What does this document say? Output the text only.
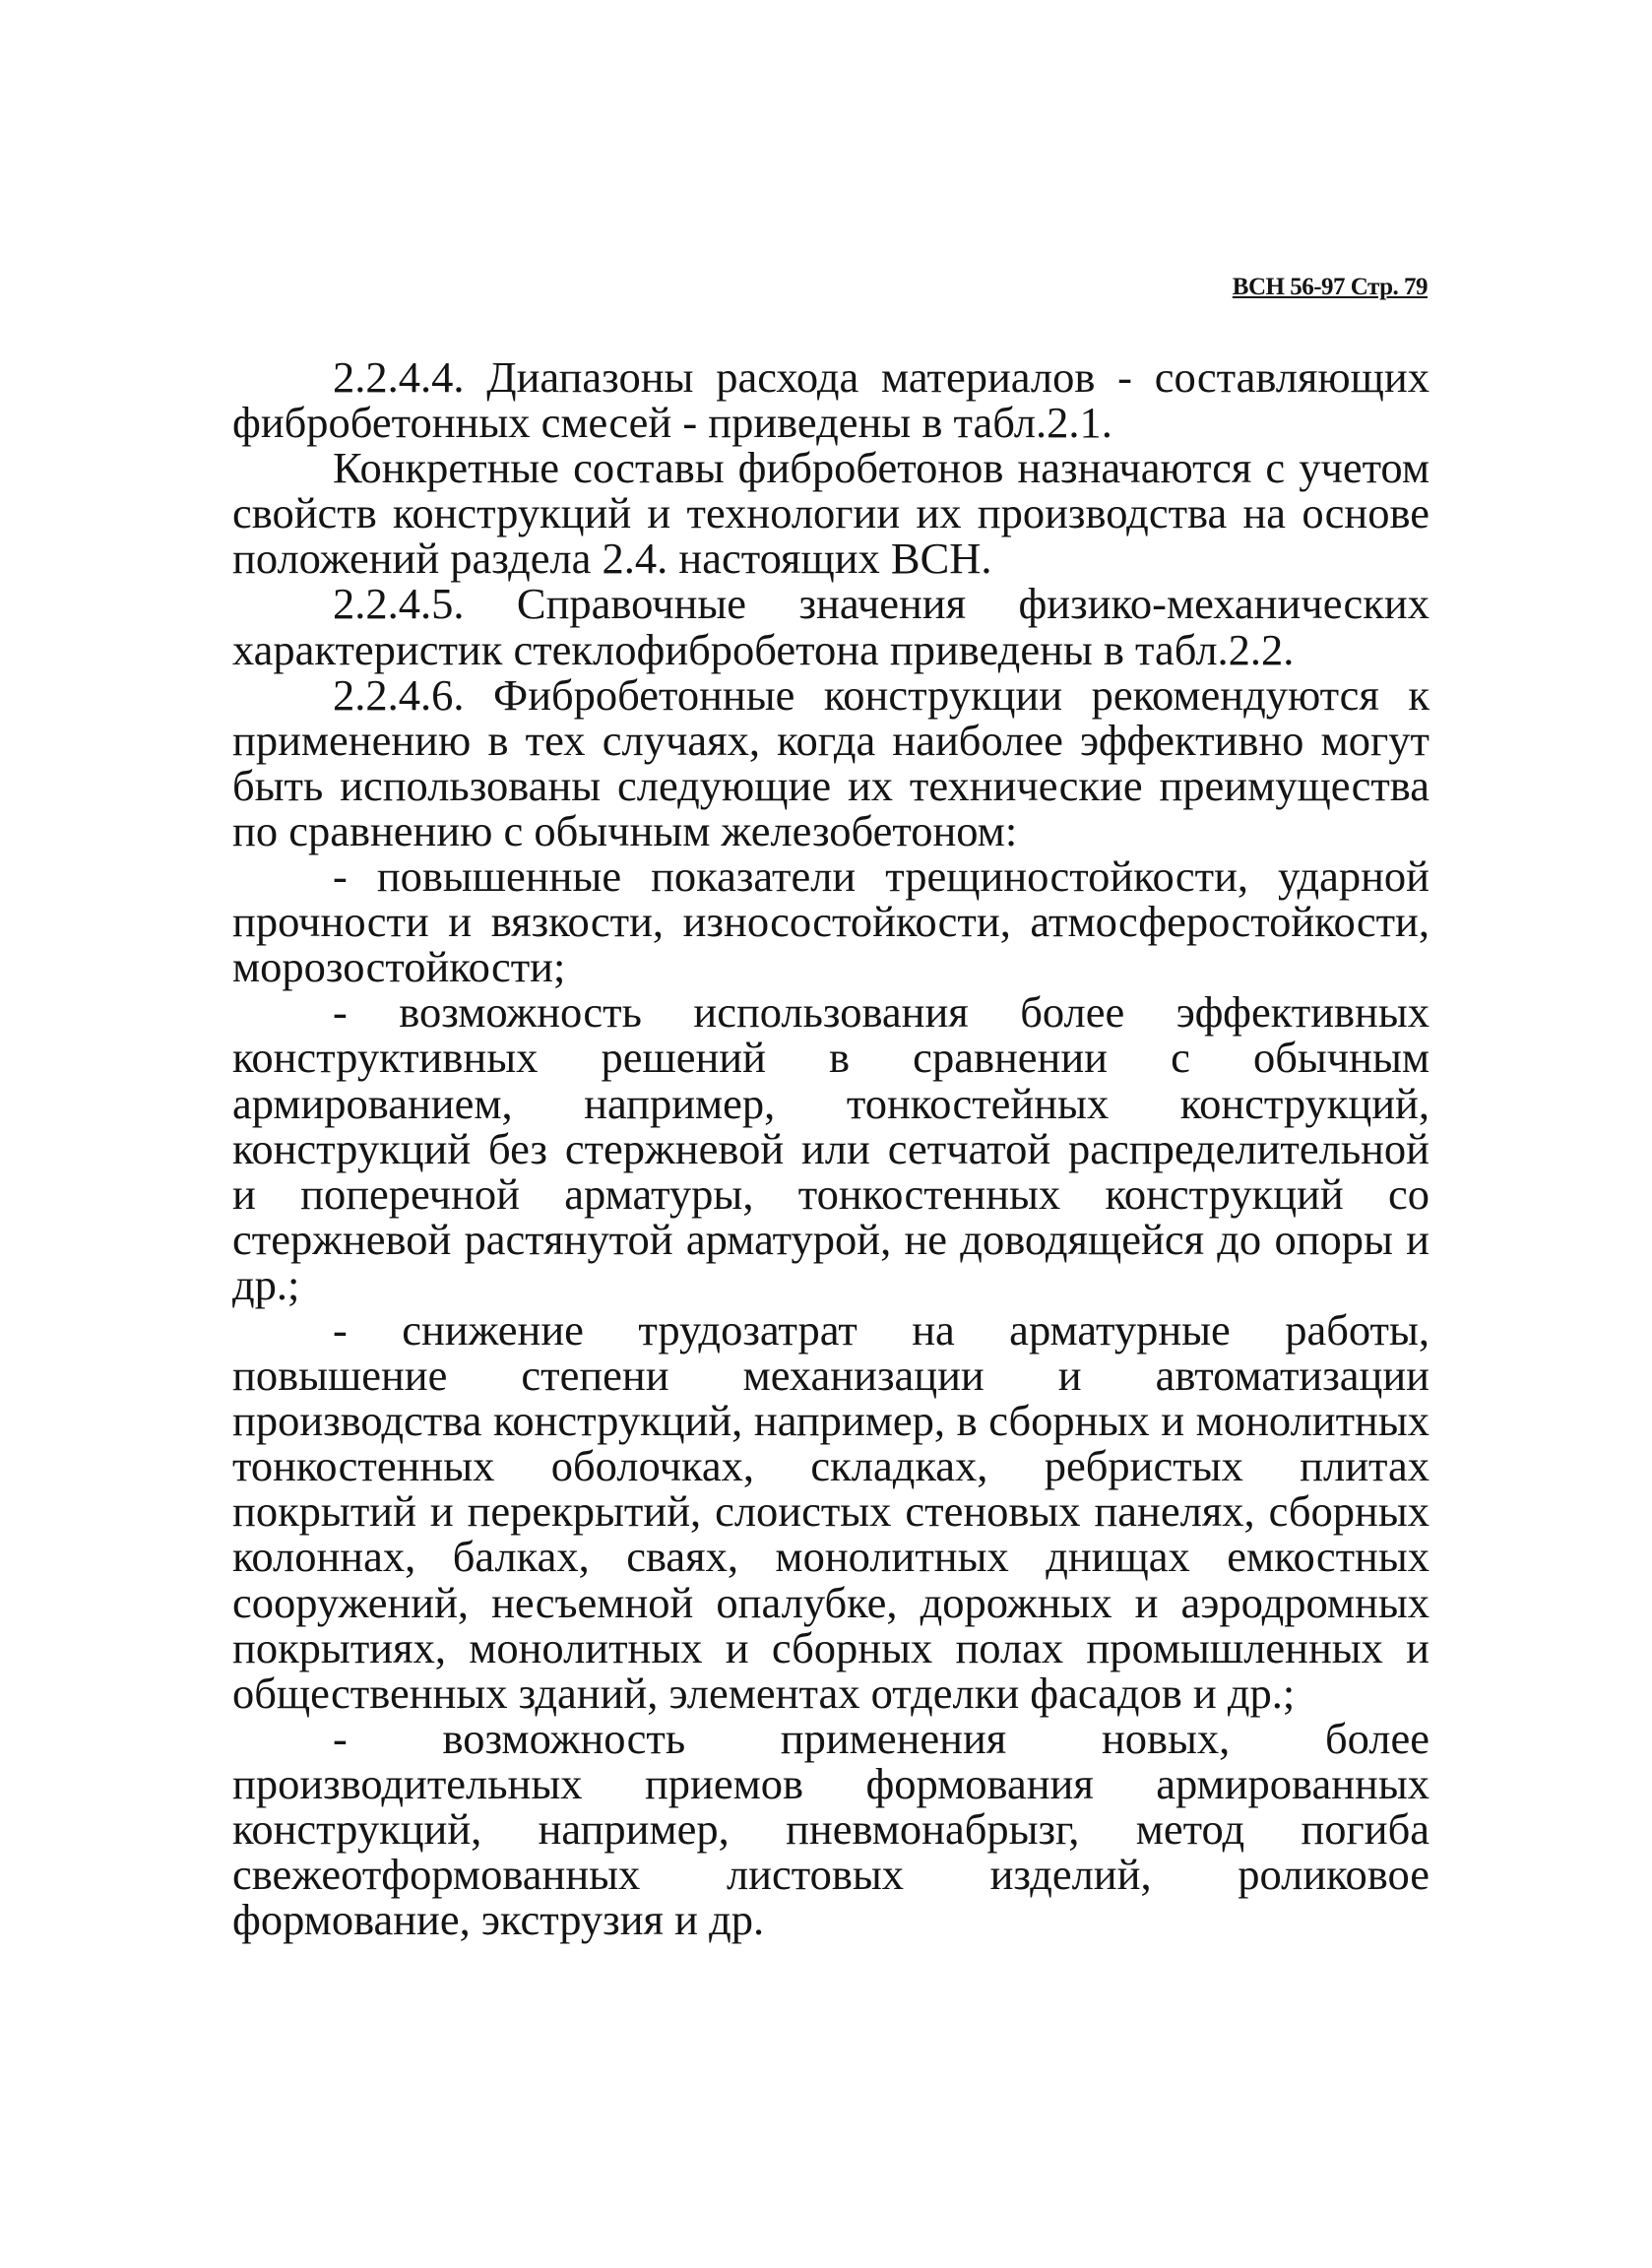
ВСН 56-97 Стр. 79

2.2.4.4. Диапазоны расхода материалов - составляющих фибробетонных смесей - приведены в табл.2.1.

Конкретные составы фибробетонов назначаются с учетом свойств конструкций и технологии их производства на основе положений раздела 2.4. настоящих ВСН.

2.2.4.5. Справочные значения физико-механических характеристик стеклофибробетона приведены в табл.2.2.

2.2.4.6. Фибробетонные конструкции рекомендуются к применению в тех случаях, когда наиболее эффективно могут быть использованы следующие их технические преимущества по сравнению с обычным железобетоном:

- повышенные показатели трещиностойкости, ударной прочности и вязкости, износостойкости, атмосферостойкости, морозостойкости;

- возможность использования более эффективных конструктивных решений в сравнении с обычным армированием, например, тонкостейных конструкций, конструкций без стержневой или сетчатой распределительной и поперечной арматуры, тонкостенных конструкций со стержневой растянутой арматурой, не доводящейся до опоры и др.;

- снижение трудозатрат на арматурные работы, повышение степени механизации и автоматизации производства конструкций, например, в сборных и монолитных тонкостенных оболочках, складках, ребристых плитах покрытий и перекрытий, слоистых стеновых панелях, сборных колоннах, балках, сваях, монолитных днищах емкостных сооружений, несъемной опалубке, дорожных и аэродромных покрытиях, монолитных и сборных полах промышленных и общественных зданий, элементах отделки фасадов и др.;

- возможность применения новых, более производительных приемов формования армированных конструкций, например, пневмонабрызг, метод погиба свежеотформованных листовых изделий, роликовое формование, экструзия и др.
